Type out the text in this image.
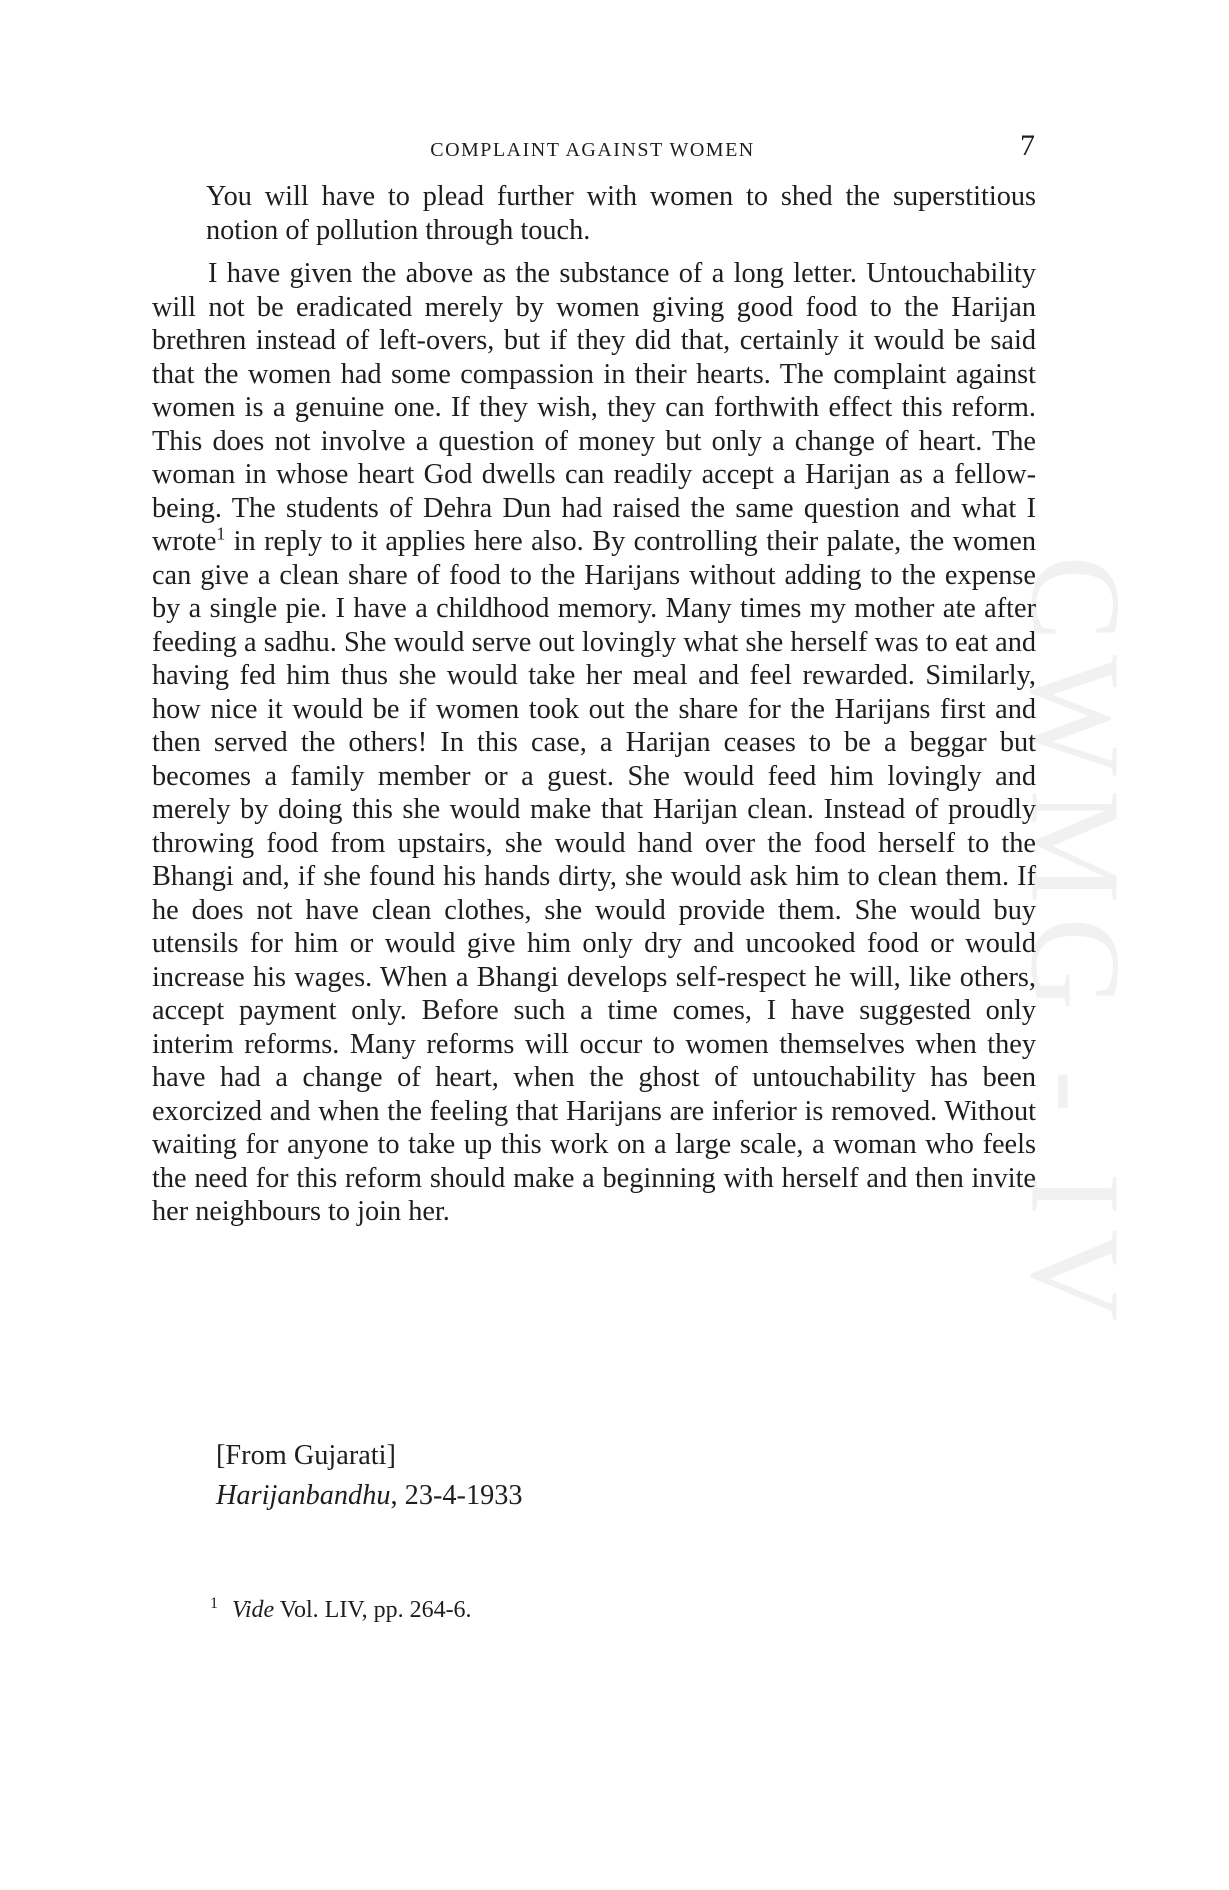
CWMG - IV
COMPLAINT AGAINST WOMEN	7

You will have to plead further with women to shed the superstitious notion of pollution through touch.

I have given the above as the substance of a long letter. Untouchability will not be eradicated merely by women giving good food to the Harijan brethren instead of left-overs, but if they did that, certainly it would be said that the women had some compassion in their hearts. The complaint against women is a genuine one. If they wish, they can forthwith effect this reform. This does not involve a question of money but only a change of heart. The woman in whose heart God dwells can readily accept a Harijan as a fellow-being. The students of Dehra Dun had raised the same question and what I wrote$^1$ in reply to it applies here also. By controlling their palate, the women can give a clean share of food to the Harijans without adding to the expense by a single pie. I have a childhood memory. Many times my mother ate after feeding a sadhu. She would serve out lovingly what she herself was to eat and having fed him thus she would take her meal and feel rewarded. Similarly, how nice it would be if women took out the share for the Harijans first and then served the others! In this case, a Harijan ceases to be a beggar but becomes a family member or a guest. She would feed him lovingly and merely by doing this she would make that Harijan clean. Instead of proudly throwing food from upstairs, she would hand over the food herself to the Bhangi and, if she found his hands dirty, she would ask him to clean them. If he does not have clean clothes, she would provide them. She would buy utensils for him or would give him only dry and uncooked food or would increase his wages. When a Bhangi develops self-respect he will, like others, accept payment only. Before such a time comes, I have suggested only interim reforms. Many reforms will occur to women themselves when they have had a change of heart, when the ghost of untouchability has been exorcized and when the feeling that Harijans are inferior is removed. Without waiting for anyone to take up this work on a large scale, a woman who feels the need for this reform should make a beginning with herself and then invite her neighbours to join her.

[From Gujarati]
Harijanbandhu, 23-4-1933
$^1$ Vide Vol. LIV, pp. 264-6.
